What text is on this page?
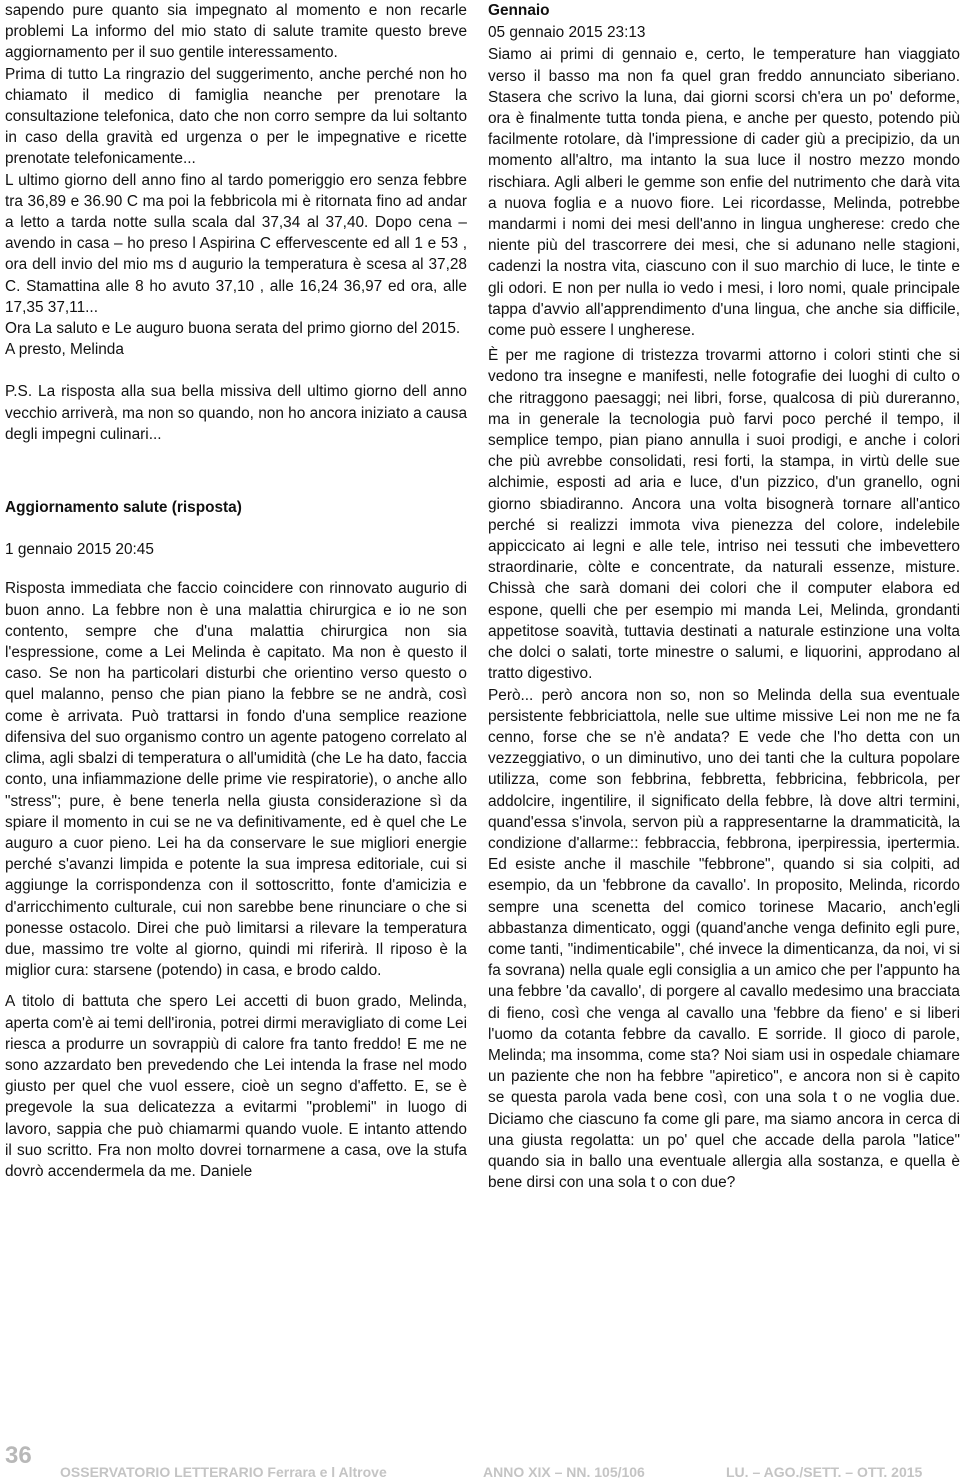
sapendo pure quanto sia impegnato al momento e non recarle problemi La informo del mio stato di salute tramite questo breve aggiornamento per il suo gentile interessamento.

Prima di tutto La ringrazio del suggerimento, anche perché non ho chiamato il medico di famiglia neanche per prenotare la consultazione telefonica, dato che non corro sempre da lui soltanto in caso della gravità ed urgenza o per le impegnative e ricette prenotate telefonicamente...

L ultimo giorno dell anno fino al tardo pomeriggio ero senza febbre tra 36,89 e 36.90 C ma poi la febbricola mi è ritornata fino ad andar a letto a tarda notte sulla scala dal 37,34 al 37,40. Dopo cena – avendo in casa – ho preso l Aspirina C effervescente ed all 1 e 53 , ora dell invio del mio ms d augurio la temperatura è scesa al 37,28 C. Stamattina alle 8 ho avuto 37,10 , alle 16,24 36,97 ed ora, alle 17,35 37,11...

Ora La saluto e Le auguro buona serata del primo giorno del 2015.

A presto, Melinda

P.S. La risposta alla sua bella missiva dell ultimo giorno dell anno vecchio arriverà, ma non so quando, non ho ancora iniziato a causa degli impegni culinari...

Aggiornamento salute (risposta)

1 gennaio 2015 20:45

Risposta immediata che faccio coincidere con rinnovato augurio di buon anno. La febbre non è una malattia chirurgica e io ne son contento, sempre che d'una malattia chirurgica non sia l'espressione, come a Lei Melinda è capitato. Ma non è questo il caso. Se non ha particolari disturbi che orientino verso questo o quel malanno, penso che pian piano la febbre se ne andrà, così come è arrivata. Può trattarsi in fondo d'una semplice reazione difensiva del suo organismo contro un agente patogeno correlato al clima, agli sbalzi di temperatura o all'umidità (che Le ha dato, faccia conto, una infiammazione delle prime vie respiratorie), o anche allo "stress"; pure, è bene tenerla nella giusta considerazione sì da spiare il momento in cui se ne va definitivamente, ed è quel che Le auguro a cuor pieno. Lei ha da conservare le sue migliori energie perché s'avanzi limpida e potente la sua impresa editoriale, cui si aggiunge la corrispondenza con il sottoscritto, fonte d'amicizia e d'arricchimento culturale, cui non sarebbe bene rinunciare o che si ponesse ostacolo. Direi che può limitarsi a rilevare la temperatura due, massimo tre volte al giorno, quindi mi riferirà. Il riposo è la miglior cura: starsene (potendo) in casa, e brodo caldo.

A titolo di battuta che spero Lei accetti di buon grado, Melinda, aperta com'è ai temi dell'ironia, potrei dirmi meravigliato di come Lei riesca a produrre un sovrappiù di calore fra tanto freddo! E me ne sono azzardato ben prevedendo che Lei intenda la frase nel modo giusto per quel che vuol essere, cioè un segno d'affetto. E, se è pregevole la sua delicatezza a evitarmi "problemi" in luogo di lavoro, sappia che può chiamarmi quando vuole. E intanto attendo il suo scritto. Fra non molto dovrei tornarmene a casa, ove la stufa dovrò accendermela da me. Daniele

Gennaio

05 gennaio 2015 23:13

Siamo ai primi di gennaio e, certo, le temperature han viaggiato verso il basso ma non fa quel gran freddo annunciato siberiano. Stasera che scrivo la luna, dai giorni scorsi ch'era un po' deforme, ora è finalmente tutta tonda piena, e anche per questo, potendo più facilmente rotolare, dà l'impressione di cader giù a precipizio, da un momento all'altro, ma intanto la sua luce il nostro mezzo mondo rischiara. Agli alberi le gemme son enfie del nutrimento che darà vita a nuova foglia e a nuovo fiore. Lei ricordasse, Melinda, potrebbe mandarmi i nomi dei mesi dell'anno in lingua ungherese: credo che niente più del trascorrere dei mesi, che si adunano nelle stagioni, cadenzi la nostra vita, ciascuno con il suo marchio di luce, le tinte e gli odori. E non per nulla io vedo i mesi, i loro nomi, quale principale tappa d'avvio all'apprendimento d'una lingua, che anche sia difficile, come può essere l ungherese.

È per me ragione di tristezza trovarmi attorno i colori stinti che si vedono tra insegne e manifesti, nelle fotografie dei luoghi di culto o che ritraggono paesaggi; nei libri, forse, qualcosa di più dureranno, ma in generale la tecnologia può farvi poco perché il tempo, il semplice tempo, pian piano annulla i suoi prodigi, e anche i colori che più avrebbe consolidati, resi forti, la stampa, in virtù delle sue alchimie, esposti ad aria e luce, d'un pizzico, d'un granello, ogni giorno sbiadiranno. Ancora una volta bisognerà tornare all'antico perché si realizzi immota viva pienezza del colore, indelebile appiccicato ai legni e alle tele, intriso nei tessuti che imbevettero straordinarie, còlte e concentrate, da naturali essenze, misture. Chissà che sarà domani dei colori che il computer elabora ed espone, quelli che per esempio mi manda Lei, Melinda, grondanti appetitose soavità, tuttavia destinati a naturale estinzione una volta che dolci o salati, torte minestre o salumi, e liquorini, approdano al tratto digestivo.

Però... però ancora non so, non so Melinda della sua eventuale persistente febbriciattola, nelle sue ultime missive Lei non me ne fa cenno, forse che se n'è andata? E vede che l'ho detta con un vezzeggiativo, o un diminutivo, uno dei tanti che la cultura popolare utilizza, come son febbrina, febbretta, febbricina, febbricola, per addolcire, ingentilire, il significato della febbre, là dove altri termini, quand'essa s'invola, servon più a rappresentarne la drammaticità, la condizione d'allarme:: febbraccia, febbrona, iperpiressia, ipertermia. Ed esiste anche il maschile "febbrone", quando si sia colpiti, ad esempio, da un 'febbrone da cavallo'. In proposito, Melinda, ricordo sempre una scenetta del comico torinese Macario, anch'egli abbastanza dimenticato, oggi (quand'anche venga definito egli pure, come tanti, "indimenticabile", ché invece la dimenticanza, da noi, vi si fa sovrana) nella quale egli consiglia a un amico che per l'appunto ha una febbre 'da cavallo', di porgere al cavallo medesimo una bracciata di fieno, così che venga al cavallo una 'febbre da fieno' e si liberi l'uomo da cotanta febbre da cavallo. E sorride. Il gioco di parole, Melinda; ma insomma, come sta? Noi siam usi in ospedale chiamare un paziente che non ha febbre "apiretico", e ancora non si è capito se questa parola vada bene così, con una sola t o ne voglia due. Diciamo che ciascuno fa come gli pare, ma siamo ancora in cerca di una giusta regolatta: un po' quel che accade della parola "latice" quando sia in ballo una eventuale allergia alla sostanza, e quella è bene dirsi con una sola t o con due?

36
OSSERVATORIO LETTERARIO Ferrara e l Altrove	ANNO XIX – NN. 105/106	LU. – AGO./SETT. – OTT. 2015
